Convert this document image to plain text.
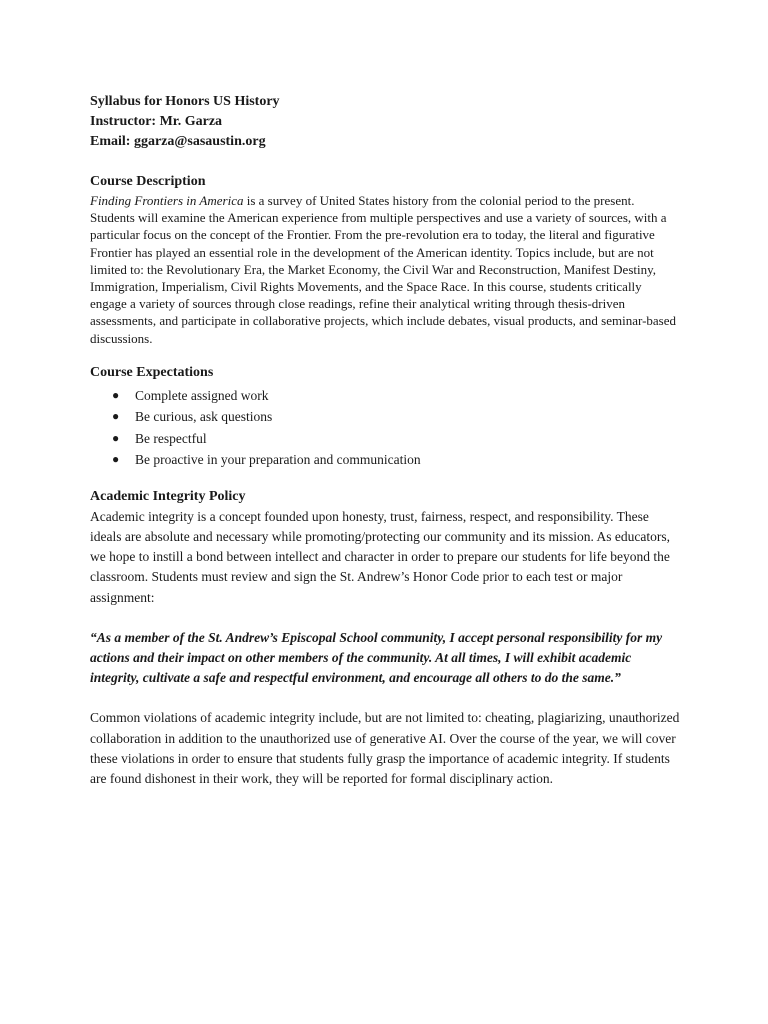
Syllabus for Honors US History

Instructor: Mr. Garza

Email: ggarza@sasaustin.org

Course Description

Finding Frontiers in America is a survey of United States history from the colonial period to the present. Students will examine the American experience from multiple perspectives and use a variety of sources, with a particular focus on the concept of the Frontier. From the pre-revolution era to today, the literal and figurative Frontier has played an essential role in the development of the American identity. Topics include, but are not limited to: the Revolutionary Era, the Market Economy, the Civil War and Reconstruction, Manifest Destiny, Immigration, Imperialism, Civil Rights Movements, and the Space Race. In this course, students critically engage a variety of sources through close readings, refine their analytical writing through thesis-driven assessments, and participate in collaborative projects, which include debates, visual products, and seminar-based discussions.

Course Expectations

● Complete assigned work
● Be curious, ask questions
● Be respectful
● Be proactive in your preparation and communication

Academic Integrity Policy

Academic integrity is a concept founded upon honesty, trust, fairness, respect, and responsibility. These ideals are absolute and necessary while promoting/protecting our community and its mission. As educators, we hope to instill a bond between intellect and character in order to prepare our students for life beyond the classroom. Students must review and sign the St. Andrew’s Honor Code prior to each test or major assignment:

“As a member of the St. Andrew’s Episcopal School community, I accept personal responsibility for my actions and their impact on other members of the community. At all times, I will exhibit academic integrity, cultivate a safe and respectful environment, and encourage all others to do the same.”

Common violations of academic integrity include, but are not limited to: cheating, plagiarizing, unauthorized collaboration in addition to the unauthorized use of generative AI. Over the course of the year, we will cover these violations in order to ensure that students fully grasp the importance of academic integrity. If students are found dishonest in their work, they will be reported for formal disciplinary action.
